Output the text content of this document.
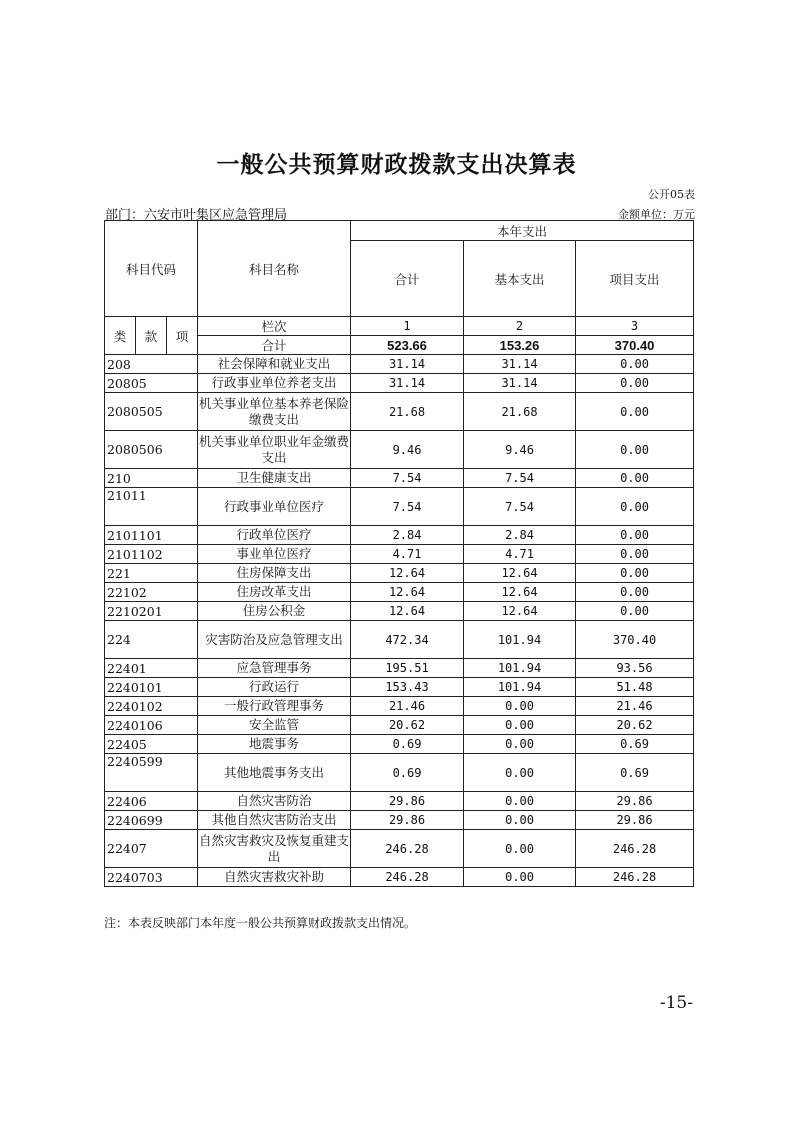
一般公共预算财政拨款支出决算表
公开05表
部门：六安市叶集区应急管理局	金额单位：万元
科目代码			科目名称	本年支出		
				合计	基本支出	项目支出
类	款	项	栏次	1	2	3
			合计	523.66	153.26	370.40
208			社会保障和就业支出	31.14	31.14	0.00
20805			行政事业单位养老支出	31.14	31.14	0.00
2080505			机关事业单位基本养老保险缴费支出	21.68	21.68	0.00
2080506			机关事业单位职业年金缴费支出	9.46	9.46	0.00
210			卫生健康支出	7.54	7.54	0.00
21011			行政事业单位医疗	7.54	7.54	0.00
2101101			行政单位医疗	2.84	2.84	0.00
2101102			事业单位医疗	4.71	4.71	0.00
221			住房保障支出	12.64	12.64	0.00
22102			住房改革支出	12.64	12.64	0.00
2210201			住房公积金	12.64	12.64	0.00
224			灾害防治及应急管理支出	472.34	101.94	370.40
22401			应急管理事务	195.51	101.94	93.56
2240101			行政运行	153.43	101.94	51.48
2240102			一般行政管理事务	21.46	0.00	21.46
2240106			安全监管	20.62	0.00	20.62
22405			地震事务	0.69	0.00	0.69
2240599			其他地震事务支出	0.69	0.00	0.69
22406			自然灾害防治	29.86	0.00	29.86
2240699			其他自然灾害防治支出	29.86	0.00	29.86
22407			自然灾害救灾及恢复重建支出	246.28	0.00	246.28
2240703			自然灾害救灾补助	246.28	0.00	246.28
注：本表反映部门本年度一般公共预算财政拨款支出情况。
-15-
